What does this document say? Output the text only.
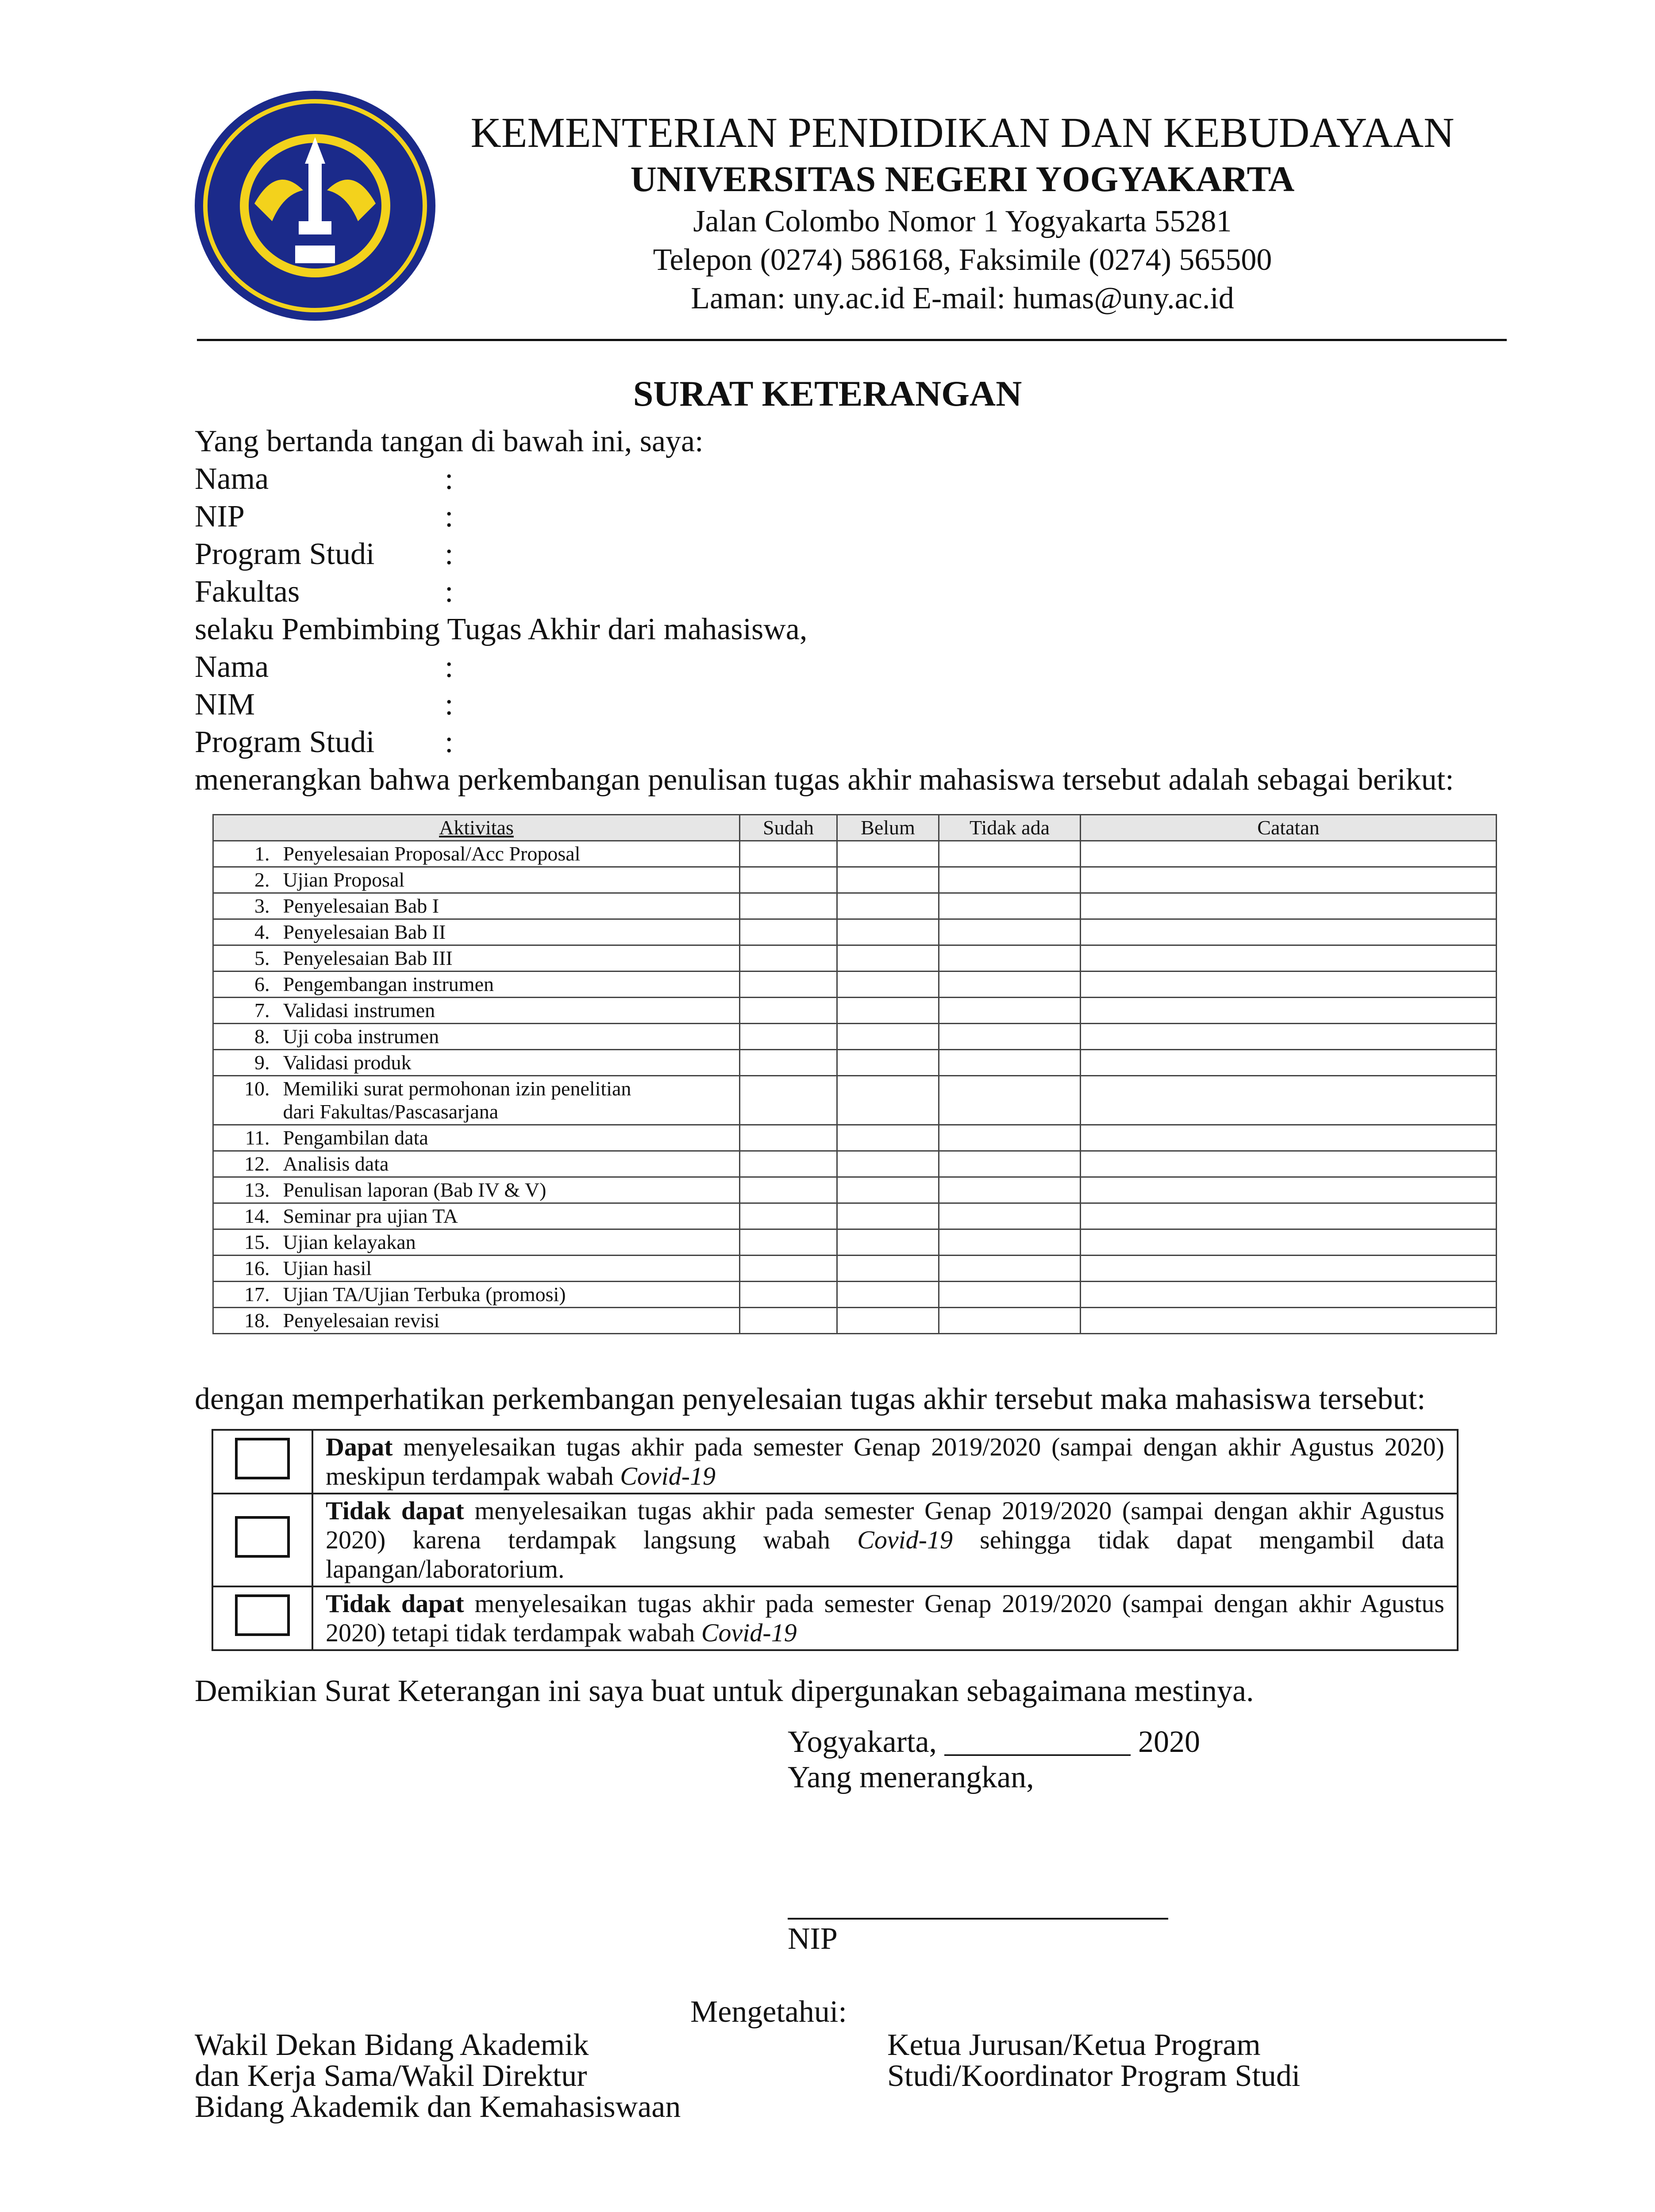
UNIVERSITAS NEGERI YOGYAKARTA
KEMENTERIAN PENDIDIKAN DAN KEBUDAYAAN
UNIVERSITAS NEGERI YOGYAKARTA
Jalan Colombo Nomor 1 Yogyakarta 55281
Telepon (0274) 586168, Faksimile (0274) 565500
Laman: uny.ac.id E-mail: humas@uny.ac.id
SURAT KETERANGAN
Yang bertanda tangan di bawah ini, saya:
Nama	:
NIP	:
Program Studi :
Fakultas	:
selaku Pembimbing Tugas Akhir dari mahasiswa,
Nama	:
NIM	:
Program Studi :
menerangkan bahwa perkembangan penulisan tugas akhir mahasiswa tersebut adalah sebagai berikut:
Aktivitas		Sudah	Belum	Tidak ada	Catatan
1.	Penyelesaian Proposal/Acc Proposal				
2.	Ujian Proposal				
3.	Penyelesaian Bab I				
4.	Penyelesaian Bab II				
5.	Penyelesaian Bab III				
6.	Pengembangan instrumen				
7.	Validasi instrumen				
8.	Uji coba instrumen				
9.	Validasi produk				
10.	Memiliki surat permohonan izin penelitian
dari Fakultas/Pascasarjana				

11.	Pengambilan data				
12.	Analisis data				
13.	Penulisan laporan (Bab IV & V)				
14.	Seminar pra ujian TA				
15.	Ujian kelayakan				
16.	Ujian hasil				
17.	Ujian TA/Ujian Terbuka (promosi)				
18.	Penyelesaian revisi				
dengan memperhatikan perkembangan penyelesaian tugas akhir tersebut maka mahasiswa tersebut:
	Dapat menyelesaikan tugas akhir pada semester Genap 2019/2020 (sampai dengan akhir Agustus 2020) meskipun terdampak wabah Covid-19
	Tidak dapat menyelesaikan tugas akhir pada semester Genap 2019/2020 (sampai dengan akhir Agustus 2020) karena terdampak langsung wabah Covid-19 sehingga tidak dapat mengambil data lapangan/laboratorium.
	Tidak dapat menyelesaikan tugas akhir pada semester Genap 2019/2020 (sampai dengan akhir Agustus 2020) tetapi tidak terdampak wabah Covid-19
Demikian Surat Keterangan ini saya buat untuk dipergunakan sebagaimana mestinya.
Yogyakarta, ____________ 2020
Yang menerangkan,
NIP
Mengetahui:
Wakil Dekan Bidang Akademik
dan Kerja Sama/Wakil Direktur
Bidang Akademik dan Kemahasiswaan
Ketua Jurusan/Ketua Program
Studi/Koordinator Program Studi
